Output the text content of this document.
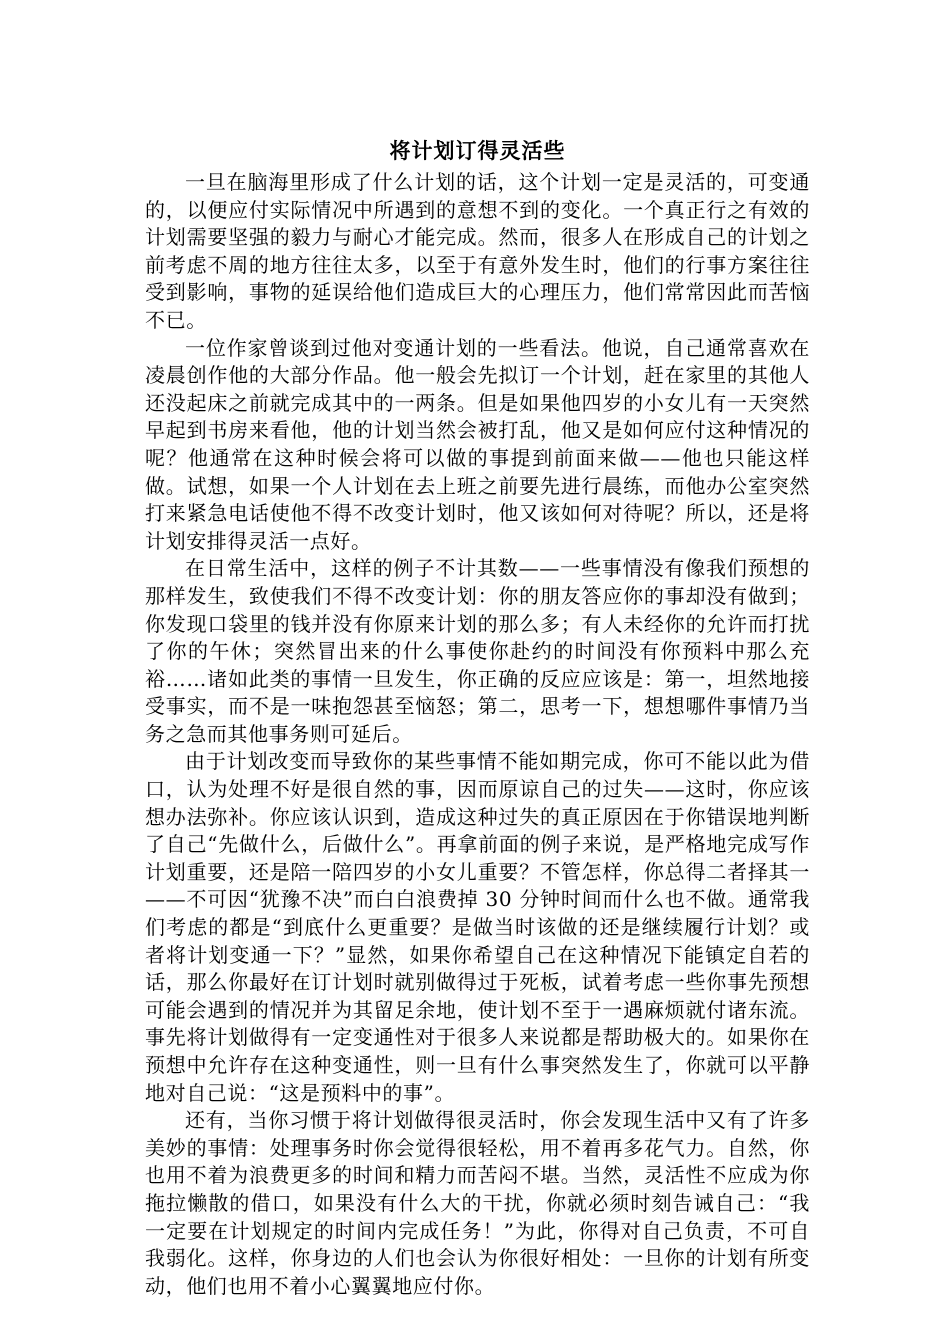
将计划订得灵活些

一旦在脑海里形成了什么计划的话，这个计划一定是灵活的，可变通的，以便应付实际情况中所遇到的意想不到的变化。一个真正行之有效的计划需要坚强的毅力与耐心才能完成。然而，很多人在形成自己的计划之前考虑不周的地方往往太多，以至于有意外发生时，他们的行事方案往往受到影响，事物的延误给他们造成巨大的心理压力，他们常常因此而苦恼不已。

一位作家曾谈到过他对变通计划的一些看法。他说，自己通常喜欢在凌晨创作他的大部分作品。他一般会先拟订一个计划，赶在家里的其他人还没起床之前就完成其中的一两条。但是如果他四岁的小女儿有一天突然早起到书房来看他，他的计划当然会被打乱，他又是如何应付这种情况的呢？他通常在这种时候会将可以做的事提到前面来做——他也只能这样做。试想，如果一个人计划在去上班之前要先进行晨练，而他办公室突然打来紧急电话使他不得不改变计划时，他又该如何对待呢？所以，还是将计划安排得灵活一点好。

在日常生活中，这样的例子不计其数——一些事情没有像我们预想的那样发生，致使我们不得不改变计划：你的朋友答应你的事却没有做到；你发现口袋里的钱并没有你原来计划的那么多；有人未经你的允许而打扰了你的午休；突然冒出来的什么事使你赴约的时间没有你预料中那么充裕……诸如此类的事情一旦发生，你正确的反应应该是：第一，坦然地接受事实，而不是一味抱怨甚至恼怒；第二，思考一下，想想哪件事情乃当务之急而其他事务则可延后。

由于计划改变而导致你的某些事情不能如期完成，你可不能以此为借口，认为处理不好是很自然的事，因而原谅自己的过失——这时，你应该想办法弥补。你应该认识到，造成这种过失的真正原因在于你错误地判断了自己“先做什么，后做什么”。再拿前面的例子来说，是严格地完成写作计划重要，还是陪一陪四岁的小女儿重要？不管怎样，你总得二者择其一——不可因“犹豫不决”而白白浪费掉 30 分钟时间而什么也不做。通常我们考虑的都是“到底什么更重要？是做当时该做的还是继续履行计划？或者将计划变通一下？”显然，如果你希望自己在这种情况下能镇定自若的话，那么你最好在订计划时就别做得过于死板，试着考虑一些你事先预想可能会遇到的情况并为其留足余地，使计划不至于一遇麻烦就付诸东流。事先将计划做得有一定变通性对于很多人来说都是帮助极大的。如果你在预想中允许存在这种变通性，则一旦有什么事突然发生了，你就可以平静地对自己说：“这是预料中的事”。

还有，当你习惯于将计划做得很灵活时，你会发现生活中又有了许多美妙的事情：处理事务时你会觉得很轻松，用不着再多花气力。自然，你也用不着为浪费更多的时间和精力而苦闷不堪。当然，灵活性不应成为你拖拉懒散的借口，如果没有什么大的干扰，你就必须时刻告诫自己：“我一定要在计划规定的时间内完成任务！”为此，你得对自己负责，不可自我弱化。这样，你身边的人们也会认为你很好相处：一旦你的计划有所变动，他们也用不着小心翼翼地应付你。
